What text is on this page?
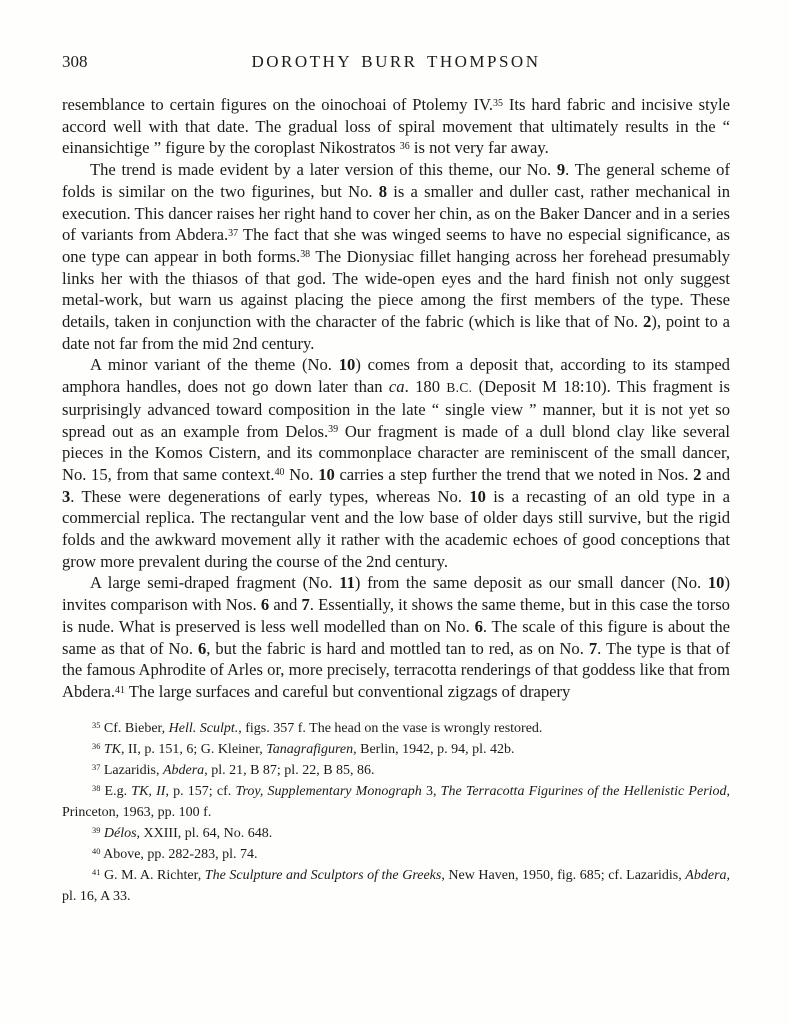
308	DOROTHY BURR THOMPSON

resemblance to certain figures on the oinochoai of Ptolemy IV.$^{35}$ Its hard fabric and incisive style accord well with that date. The gradual loss of spiral movement that ultimately results in the “ einansichtige ” figure by the coroplast Nikostratos $^{36}$ is not very far away.

The trend is made evident by a later version of this theme, our No. 9. The general scheme of folds is similar on the two figurines, but No. 8 is a smaller and duller cast, rather mechanical in execution. This dancer raises her right hand to cover her chin, as on the Baker Dancer and in a series of variants from Abdera.$^{37}$ The fact that she was winged seems to have no especial significance, as one type can appear in both forms.$^{38}$ The Dionysiac fillet hanging across her forehead presumably links her with the thiasos of that god. The wide-open eyes and the hard finish not only suggest metal-work, but warn us against placing the piece among the first members of the type. These details, taken in conjunction with the character of the fabric (which is like that of No. 2), point to a date not far from the mid 2nd century.

A minor variant of the theme (No. 10) comes from a deposit that, according to its stamped amphora handles, does not go down later than ca. 180 B.C. (Deposit M 18:10). This fragment is surprisingly advanced toward composition in the late “ single view ” manner, but it is not yet so spread out as an example from Delos.$^{39}$ Our fragment is made of a dull blond clay like several pieces in the Komos Cistern, and its commonplace character are reminiscent of the small dancer, No. 15, from that same context.$^{40}$ No. 10 carries a step further the trend that we noted in Nos. 2 and 3. These were degenerations of early types, whereas No. 10 is a recasting of an old type in a commercial replica. The rectangular vent and the low base of older days still survive, but the rigid folds and the awkward movement ally it rather with the academic echoes of good conceptions that grow more prevalent during the course of the 2nd century.

A large semi-draped fragment (No. 11) from the same deposit as our small dancer (No. 10) invites comparison with Nos. 6 and 7. Essentially, it shows the same theme, but in this case the torso is nude. What is preserved is less well modelled than on No. 6. The scale of this figure is about the same as that of No. 6, but the fabric is hard and mottled tan to red, as on No. 7. The type is that of the famous Aphrodite of Arles or, more precisely, terracotta renderings of that goddess like that from Abdera.$^{41}$ The large surfaces and careful but conventional zigzags of drapery

$^{35}$ Cf. Bieber, Hell. Sculpt., figs. 357 f. The head on the vase is wrongly restored.

$^{36}$ TK, II, p. 151, 6; G. Kleiner, Tanagrafiguren, Berlin, 1942, p. 94, pl. 42b.

$^{37}$ Lazaridis, Abdera, pl. 21, B 87; pl. 22, B 85, 86.

$^{38}$ E.g. TK, II, p. 157; cf. Troy, Supplementary Monograph 3, The Terracotta Figurines of the Hellenistic Period, Princeton, 1963, pp. 100 f.

$^{39}$ Délos, XXIII, pl. 64, No. 648.

$^{40}$ Above, pp. 282-283, pl. 74.

$^{41}$ G. M. A. Richter, The Sculpture and Sculptors of the Greeks, New Haven, 1950, fig. 685; cf. Lazaridis, Abdera, pl. 16, A 33.
